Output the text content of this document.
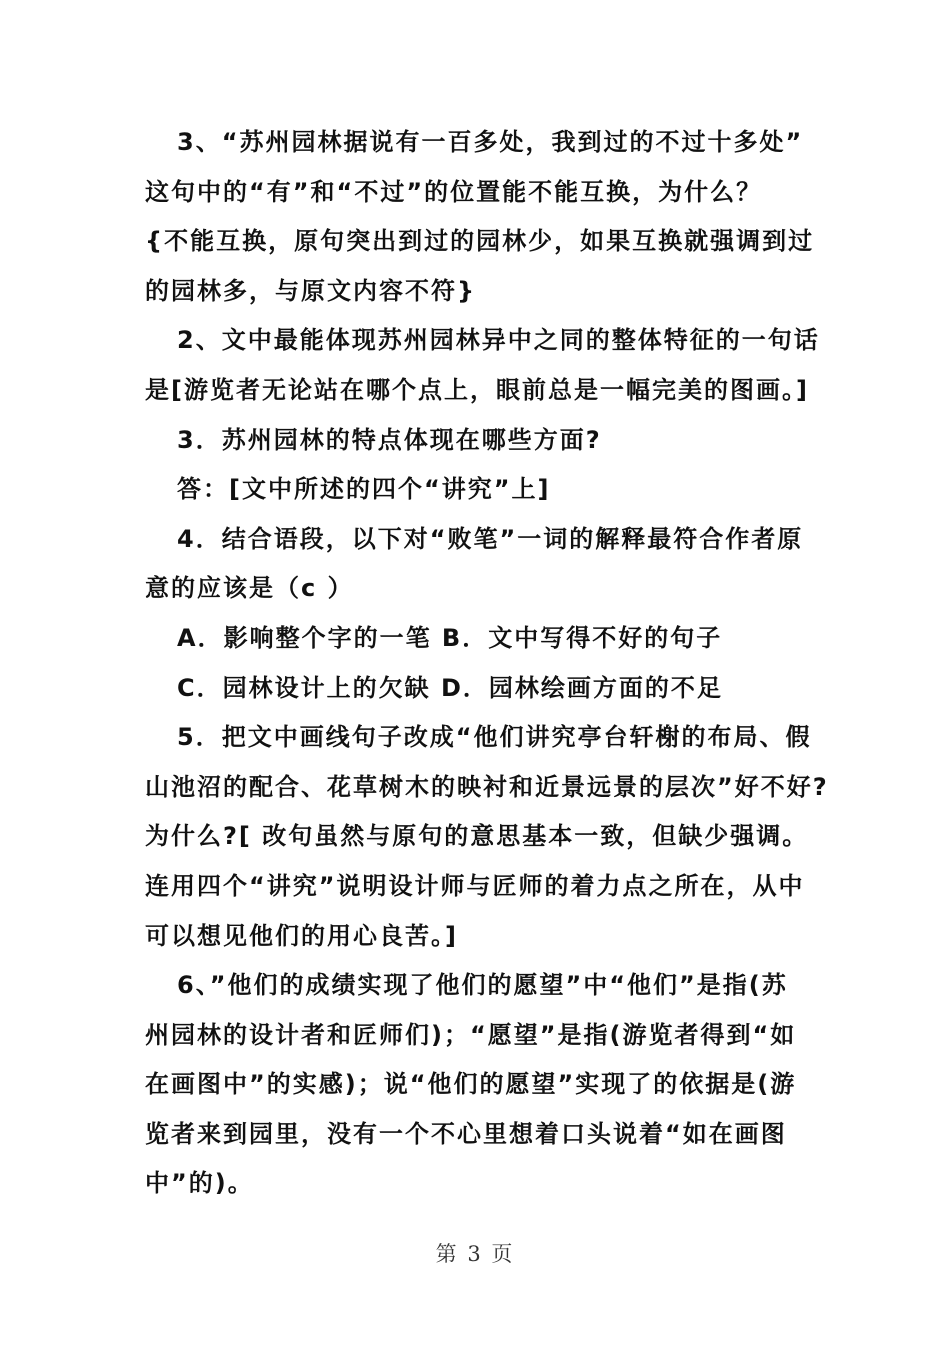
3、“苏州园林据说有一百多处，我到过的不过十多处”
这句中的“有”和“不过”的位置能不能互换，为什么？
{不能互换，原句突出到过的园林少，如果互换就强调到过
的园林多，与原文内容不符}
2、文中最能体现苏州园林异中之同的整体特征的一句话
是[游览者无论站在哪个点上，眼前总是一幅完美的图画。]
3．苏州园林的特点体现在哪些方面?
答：[文中所述的四个“讲究”上]
4．结合语段，以下对“败笔”一词的解释最符合作者原
意的应该是（c ）
A．影响整个字的一笔 B．文中写得不好的句子
C．园林设计上的欠缺 D．园林绘画方面的不足
5．把文中画线句子改成“他们讲究亭台轩榭的布局、假
山池沼的配合、花草树木的映衬和近景远景的层次”好不好?
为什么?[ 改句虽然与原句的意思基本一致，但缺少强调。
连用四个“讲究”说明设计师与匠师的着力点之所在，从中
可以想见他们的用心良苦。]
6、”他们的成绩实现了他们的愿望”中“他们”是指(苏
州园林的设计者和匠师们)；“愿望”是指(游览者得到“如
在画图中”的实感)；说“他们的愿望”实现了的依据是(游
览者来到园里，没有一个不心里想着口头说着“如在画图
中”的)。
第 3 页
